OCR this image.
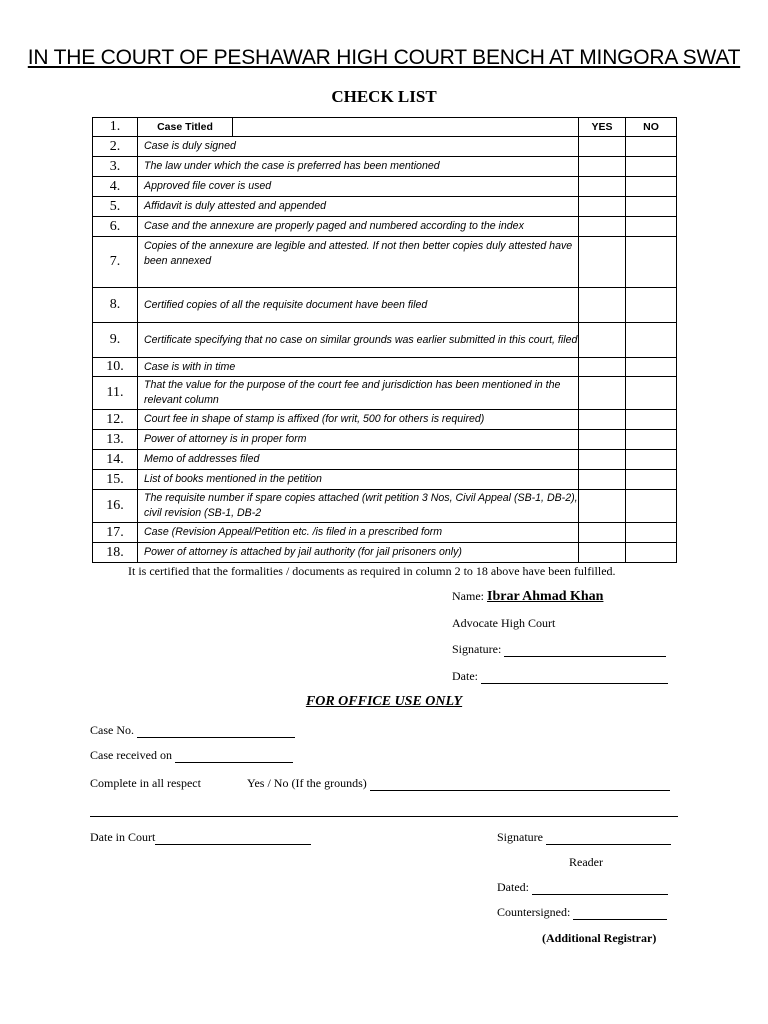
IN THE COURT OF PESHAWAR HIGH COURT BENCH AT MINGORA SWAT
CHECK LIST
1.	Case Titled		YES	NO
2.	Case is duly signed			
3.	The law under which the case is preferred has been mentioned			
4.	Approved file cover is used			
5.	Affidavit is duly attested and appended			
6.	Case and the annexure are properly paged and numbered according to the index			
7.	Copies of the annexure are legible and attested. If not then better copies duly attested have been annexed			
8.	Certified copies of all the requisite document have been filed			
9.	Certificate specifying that no case on similar grounds was earlier submitted in this court, filed			
10.	Case is with in time			
11.	That the value for the purpose of the court fee and jurisdiction has been mentioned in the relevant column			
12.	Court fee in shape of stamp is affixed (for writ, 500 for others is required)			
13.	Power of attorney is in proper form			
14.	Memo of addresses filed			
15.	List of books mentioned in the petition			
16.	The requisite number if spare copies attached (writ petition 3 Nos, Civil Appeal (SB-1, DB-2), civil revision (SB-1, DB-2			
17.	Case (Revision Appeal/Petition etc. /is filed in a prescribed form			
18.	Power of attorney is attached by jail authority (for jail prisoners only)			
It is certified that the formalities / documents as required in column 2 to 18 above have been fulfilled.
Name: Ibrar Ahmad Khan
Advocate High Court
Signature:
Date:
FOR OFFICE USE ONLY
Case No.
Case received on
Complete in all respect	Yes / No (If the grounds)
Date in Court	Signature
Reader
Dated:
Countersigned:
(Additional Registrar)
